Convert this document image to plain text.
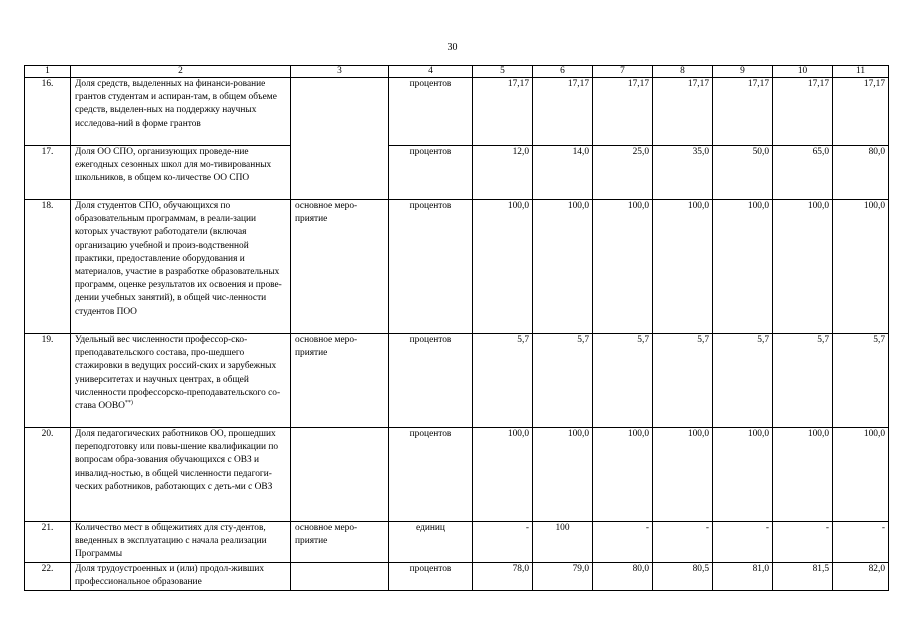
30
1	2	3	4	5	6	7	8	9	10	11
16.	Доля средств, выделенных на финанси-рование грантов студентам и аспиран-там, в общем объеме средств, выделен-ных на поддержку научных исследова-ний в форме грантов		процентов	17,17	17,17	17,17	17,17	17,17	17,17	17,17
17.	Доля ОО СПО, организующих проведе-ние ежегодных сезонных школ для мо-тивированных школьников, в общем ко-личестве ОО СПО		процентов	12,0	14,0	25,0	35,0	50,0	65,0	80,0
18.	Доля студентов СПО, обучающихся по образовательным программам, в реали-зации которых участвуют работодатели (включая организацию учебной и произ-водственной практики, предоставление оборудования и материалов, участие в разработке образовательных программ, оценке результатов их освоения и прове-дении учебных занятий), в общей чис-ленности студентов ПОО	основное меро-приятие	процентов	100,0	100,0	100,0	100,0	100,0	100,0	100,0
19.	Удельный вес численности профессор-ско-преподавательского состава, про-шедшего стажировки в ведущих россий-ских и зарубежных университетах и научных центрах, в общей численности профессорско-преподавательского со-става ООВО**)	основное меро-приятие	процентов	5,7	5,7	5,7	5,7	5,7	5,7	5,7
20.	Доля педагогических работников ОО, прошедших переподготовку или повы-шение квалификации по вопросам обра-зования обучающихся с ОВЗ и инвалид-ностью, в общей численности педагоги-ческих работников, работающих с деть-ми с ОВЗ		процентов	100,0	100,0	100,0	100,0	100,0	100,0	100,0
21.	Количество мест в общежитиях для сту-дентов, введенных в эксплуатацию с начала реализации Программы	основное меро-приятие	единиц	-	100	-	-	-	-	-
22.	Доля трудоустроенных и (или) продол-живших профессиональное образование		процентов	78,0	79,0	80,0	80,5	81,0	81,5	82,0
